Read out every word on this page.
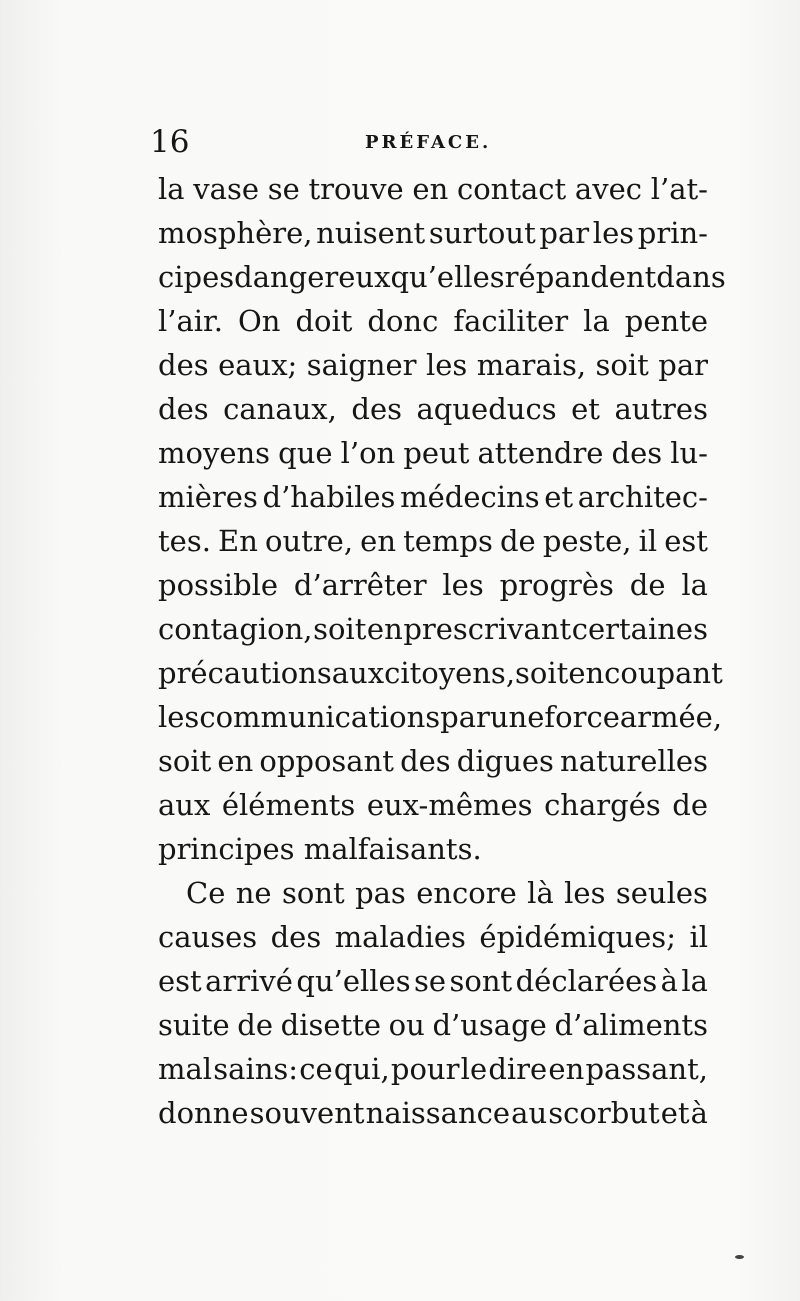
16	PRÉFACE.
la vase se trouve en contact avec l’at-
mosphère, nuisent surtout par les prin-
cipes dangereux qu’elles répandent dans
l’air. On doit donc faciliter la pente
des eaux; saigner les marais, soit par
des canaux, des aqueducs et autres
moyens que l’on peut attendre des lu-
mières d’habiles médecins et architec-
tes. En outre, en temps de peste, il est
possible d’arrêter les progrès de la
contagion, soit en prescrivant certaines
précautions aux citoyens, soit en coupant
les communications par une force armée,
soit en opposant des digues naturelles
aux éléments eux-mêmes chargés de
principes malfaisants.
Ce ne sont pas encore là les seules
causes des maladies épidémiques; il
est arrivé qu’elles se sont déclarées à la
suite de disette ou d’usage d’aliments
mal sains: ce qui, pour le dire en passant,
donne souvent naissance au scorbut et à
